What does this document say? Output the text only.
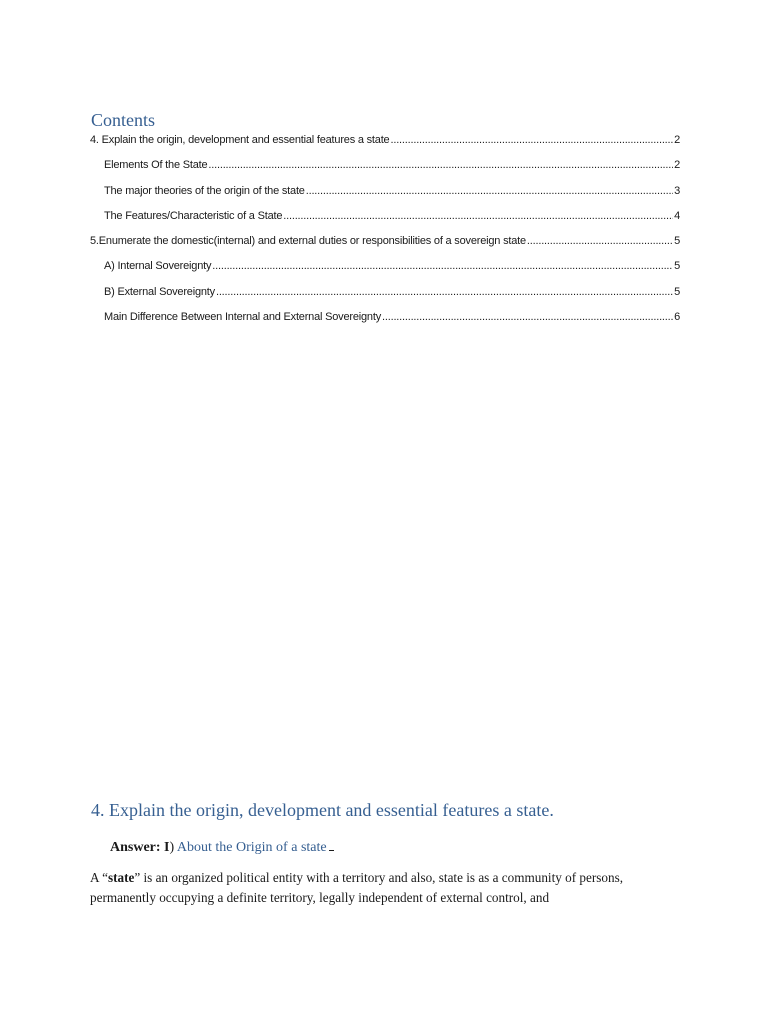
Contents
4. Explain the origin, development and essential features a state .....	2
Elements Of the State .....	2
The major theories of the origin of the state .....	3
The Features/Characteristic of a State .....	4
5.Enumerate the domestic(internal) and external duties or responsibilities of a sovereign state .....	5
A) Internal Sovereignty .....	5
B) External Sovereignty .....	5
Main Difference Between Internal and External Sovereignty .....	6
4. Explain the origin, development and essential features a state.
Answer: I) About the Origin of a state

A “state” is an organized political entity with a territory and also, state is as a community of persons, permanently occupying a definite territory, legally independent of external control, and
